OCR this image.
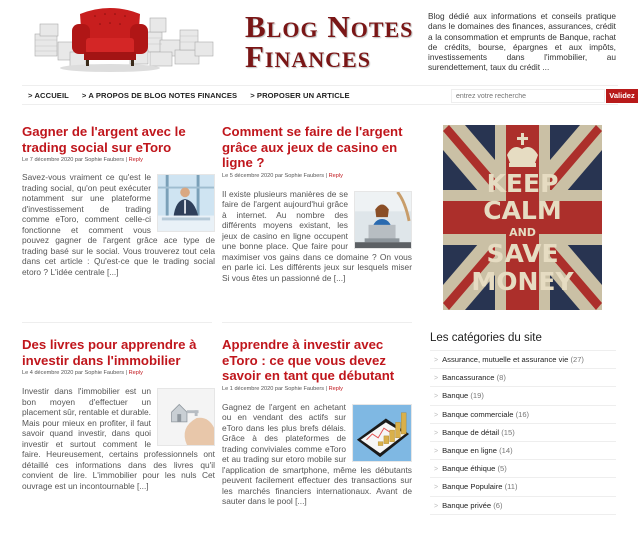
Blog Notes
Finances
Blog dédié aux informations et conseils pratique dans le domaines des finances, assurances, crédit a la consommation et emprunts de Banque, rachat de crédits, bourse, épargnes et aux impôts, investissements dans l'immobilier, au surendettement, taux du crédit ...
> ACCUEIL > A PROPOS DE BLOG NOTES FINANCES > PROPOSER UN ARTICLE
entrez votre recherche	Validez
Gagner de l'argent avec le trading social sur eToro
Le 7 décembre 2020 par Sophie Faubers | Reply
Savez-vous vraiment ce qu'est le trading social, qu'on peut exécuter notamment sur une plateforme d'investissement de trading comme eToro, comment celle-ci fonctionne et comment vous pouvez gagner de l'argent grâce ace type de trading basé sur le social. Vous trouverez tout cela dans cet article : Qu'est-ce que le trading social etoro ? L'idée centrale [...]
Comment se faire de l'argent grâce aux jeux de casino en ligne ?
Le 5 décembre 2020 par Sophie Faubers | Reply
Il existe plusieurs manières de se faire de l'argent aujourd'hui grâce à internet. Au nombre des différents moyens existant, les jeux de casino en ligne occupent une bonne place. Que faire pour maximiser vos gains dans ce domaine ? On vous en parle ici. Les différents jeux sur lesquels miser Si vous êtes un passionné de [...]
Des livres pour apprendre à investir dans l'immobilier
Le 4 décembre 2020 par Sophie Faubers | Reply
Investir dans l'immobilier est un bon moyen d'effectuer un placement sûr, rentable et durable. Mais pour mieux en profiter, il faut savoir quand investir, dans quoi investir et surtout comment le faire. Heureusement, certains professionnels ont détaillé ces informations dans des livres qu'il convient de lire. L'immobilier pour les nuls Cet ouvrage est un incontournable [...]
Apprendre à investir avec eToro : ce que vous devez savoir en tant que débutant
Le 1 décembre 2020 par Sophie Faubers | Reply
Gagnez de l'argent en achetant ou en vendant des actifs sur eToro dans les plus brefs délais. Grâce à des plateformes de trading conviviales comme eToro et au trading sur etoro mobile sur l'application de smartphone, même les débutants peuvent facilement effectuer des transactions sur les marchés financiers internationaux. Avant de sauter dans le pool [...]
KEEP
CALM
AND
SAVE
MONEY
Les catégories du site
> Assurance, mutuelle et assurance vie (27)
> Bancassurance (8)
> Banque (19)
> Banque commerciale (16)
> Banque de détail (15)
> Banque en ligne (14)
> Banque éthique (5)
> Banque Populaire (11)
> Banque privée (6)
